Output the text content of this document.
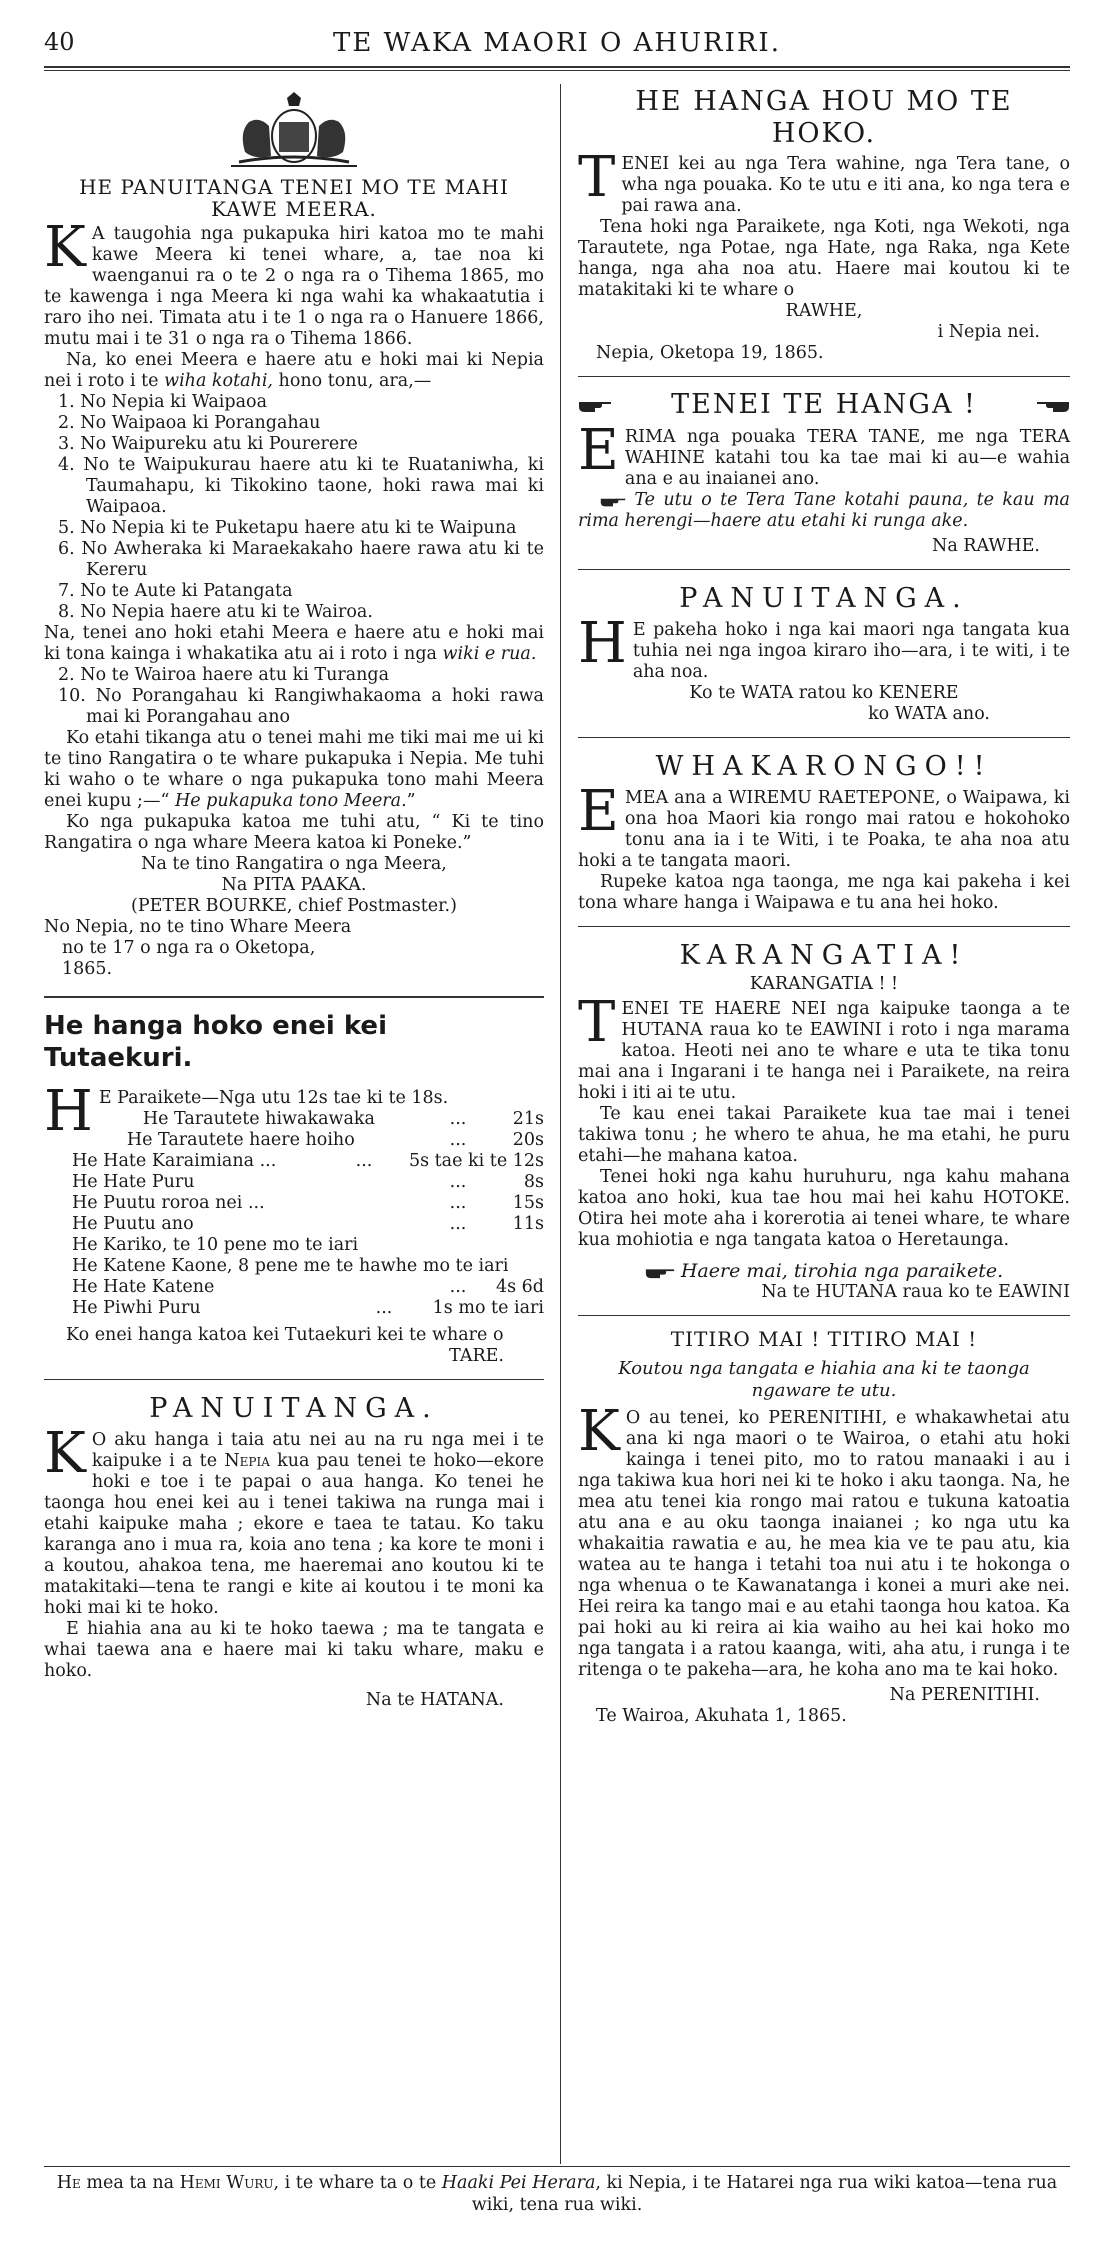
40	TE WAKA MAORI O AHURIRI.
HE PANUITANGA TENEI MO TE MAHI KAWE MEERA.

K A taugohia nga pukapuka hiri katoa mo te mahi kawe Meera ki tenei whare, a, tae noa ki waenganui ra o te 2 o nga ra o Tihema 1865, mo te kawenga i nga Meera ki nga wahi ka whakaatutia i raro iho nei. Timata atu i te 1 o nga ra o Hanuere 1866, mutu mai i te 31 o nga ra o Tihema 1866.

Na, ko enei Meera e haere atu e hoki mai ki Nepia nei i roto i te wiha kotahi, hono tonu, ara,—

1. No Nepia ki Waipaoa

2. No Waipaoa ki Porangahau

3. No Waipureku atu ki Pourerere

4. No te Waipukurau haere atu ki te Ruataniwha, ki Taumahapu, ki Tikokino taone, hoki rawa mai ki Waipaoa.

5. No Nepia ki te Puketapu haere atu ki te Waipuna

6. No Awheraka ki Maraekakaho haere rawa atu ki te Kereru

7. No te Aute ki Patangata

8. No Nepia haere atu ki te Wairoa.

Na, tenei ano hoki etahi Meera e haere atu e hoki mai ki tona kainga i whakatika atu ai i roto i nga wiki e rua.

2. No te Wairoa haere atu ki Turanga

10. No Porangahau ki Rangiwhakaoma a hoki rawa mai ki Porangahau ano

Ko etahi tikanga atu o tenei mahi me tiki mai me ui ki te tino Rangatira o te whare pukapuka i Nepia. Me tuhi ki waho o te whare o nga pukapuka tono mahi Meera enei kupu ;—“ He pukapuka tono Meera.”

Ko nga pukapuka katoa me tuhi atu, “ Ki te tino Rangatira o nga whare Meera katoa ki Poneke.”

Na te tino Rangatira o nga Meera,

Na PITA PAAKA.

(PETER BOURKE, chief Postmaster.)

No Nepia, no te tino Whare Meera

no te 17 o nga ra o Oketopa,

1865.

He hanga hoko enei kei Tutaekuri.

H E Paraikete—Nga utu 12s tae ki te 18s.

He Tarautete hiwakawaka	...	21s
He Tarautete haere hoiho	...	20s
He Hate Karaimiana ...	...	5s tae ki te 12s
He Hate Puru	...	8s
He Puutu roroa nei ...	...	15s
He Puutu ano	...	11s

He Kariko, te 10 pene mo te iari

He Katene Kaone, 8 pene me te hawhe mo te iari

He Hate Katene	...	4s 6d
He Piwhi Puru	...	1s mo te iari

Ko enei hanga katoa kei Tutaekuri kei te whare o

TARE.

PANUITANGA.

K O aku hanga i taia atu nei au na ru nga mei i te kaipuke i a te Nepia kua pau tenei te hoko—ekore hoki e toe i te papai o aua hanga. Ko tenei he taonga hou enei kei au i tenei takiwa na runga mai i etahi kaipuke maha ; ekore e taea te tatau. Ko taku karanga ano i mua ra, koia ano tena ; ka kore te moni i a koutou, ahakoa tena, me haeremai ano koutou ki te matakitaki—tena te rangi e kite ai koutou i te moni ka hoki mai ki te hoko.

E hiahia ana au ki te hoko taewa ; ma te tangata e whai taewa ana e haere mai ki taku whare, maku e hoko.

Na te HATANA.

HE HANGA HOU MO TE HOKO.

TENEI kei au nga Tera wahine, nga Tera tane, o wha nga pouaka. Ko te utu e iti ana, ko nga tera e pai rawa ana.

Tena hoki nga Paraikete, nga Koti, nga Wekoti, nga Tarautete, nga Potae, nga Hate, nga Raka, nga Kete hanga, nga aha noa atu. Haere mai koutou ki te matakitaki ki te whare o

RAWHE,

i Nepia nei.

Nepia, Oketopa 19, 1865.

TENEI TE HANGA !

ERIMA nga pouaka TERA TANE, me nga TERA WAHINE katahi tou ka tae mai ki au—e wahia ana e au inaianei ano.

Te utu o te Tera Tane kotahi pauna, te kau ma rima herengi—haere atu etahi ki runga ake.

Na RAWHE.

PANUITANGA.

H E pakeha hoko i nga kai maori nga tangata kua tuhia nei nga ingoa kiraro iho—ara, i te witi, i te aha noa.

Ko te WATA ratou ko KENERE

ko WATA ano.

WHAKARONGO!!

EMEA ana a WIREMU RAETEPONE, o Waipawa, ki ona hoa Maori kia rongo mai ratou e hokohoko tonu ana ia i te Witi, i te Poaka, te aha noa atu hoki a te tangata maori.

Rupeke katoa nga taonga, me nga kai pakeha i kei tona whare hanga i Waipawa e tu ana hei hoko.

KARANGATIA!
KARANGATIA ! !

TENEI TE HAERE NEI nga kaipuke taonga a te HUTANA raua ko te EAWINI i roto i nga marama katoa. Heoti nei ano te whare e uta te tika tonu mai ana i Ingarani i te hanga nei i Paraikete, na reira hoki i iti ai te utu.

Te kau enei takai Paraikete kua tae mai i tenei takiwa tonu ; he whero te ahua, he ma etahi, he puru etahi—he mahana katoa.

Tenei hoki nga kahu huruhuru, nga kahu mahana katoa ano hoki, kua tae hou mai hei kahu HOTOKE. Otira hei mote aha i korerotia ai tenei whare, te whare kua mohiotia e nga tangata katoa o Heretaunga.

Haere mai, tirohia nga paraikete.

Na te HUTANA raua ko te EAWINI

TITIRO MAI ! TITIRO MAI !
Koutou nga tangata e hiahia ana ki te taonga ngaware te utu.

K O au tenei, ko PERENITIHI, e whakawhetai atu ana ki nga maori o te Wairoa, o etahi atu hoki kainga i tenei pito, mo to ratou manaaki i au i nga takiwa kua hori nei ki te hoko i aku taonga. Na, he mea atu tenei kia rongo mai ratou e tukuna katoatia atu ana e au oku taonga inaianei ; ko nga utu ka whakaitia rawatia e au, he mea kia ve te pau atu, kia watea au te hanga i tetahi toa nui atu i te hokonga o nga whenua o te Kawanatanga i konei a muri ake nei. Hei reira ka tango mai e au etahi taonga hou katoa. Ka pai hoki au ki reira ai kia waiho au hei kai hoko mo nga tangata i a ratou kaanga, witi, aha atu, i runga i te ritenga o te pakeha—ara, he koha ano ma te kai hoko.

Na PERENITIHI.

Te Wairoa, Akuhata 1, 1865.

He mea ta na Hemi Wuru, i te whare ta o te Haaki Pei Herara, ki Nepia, i te Hatarei nga rua wiki katoa—tena rua wiki, tena rua wiki.
